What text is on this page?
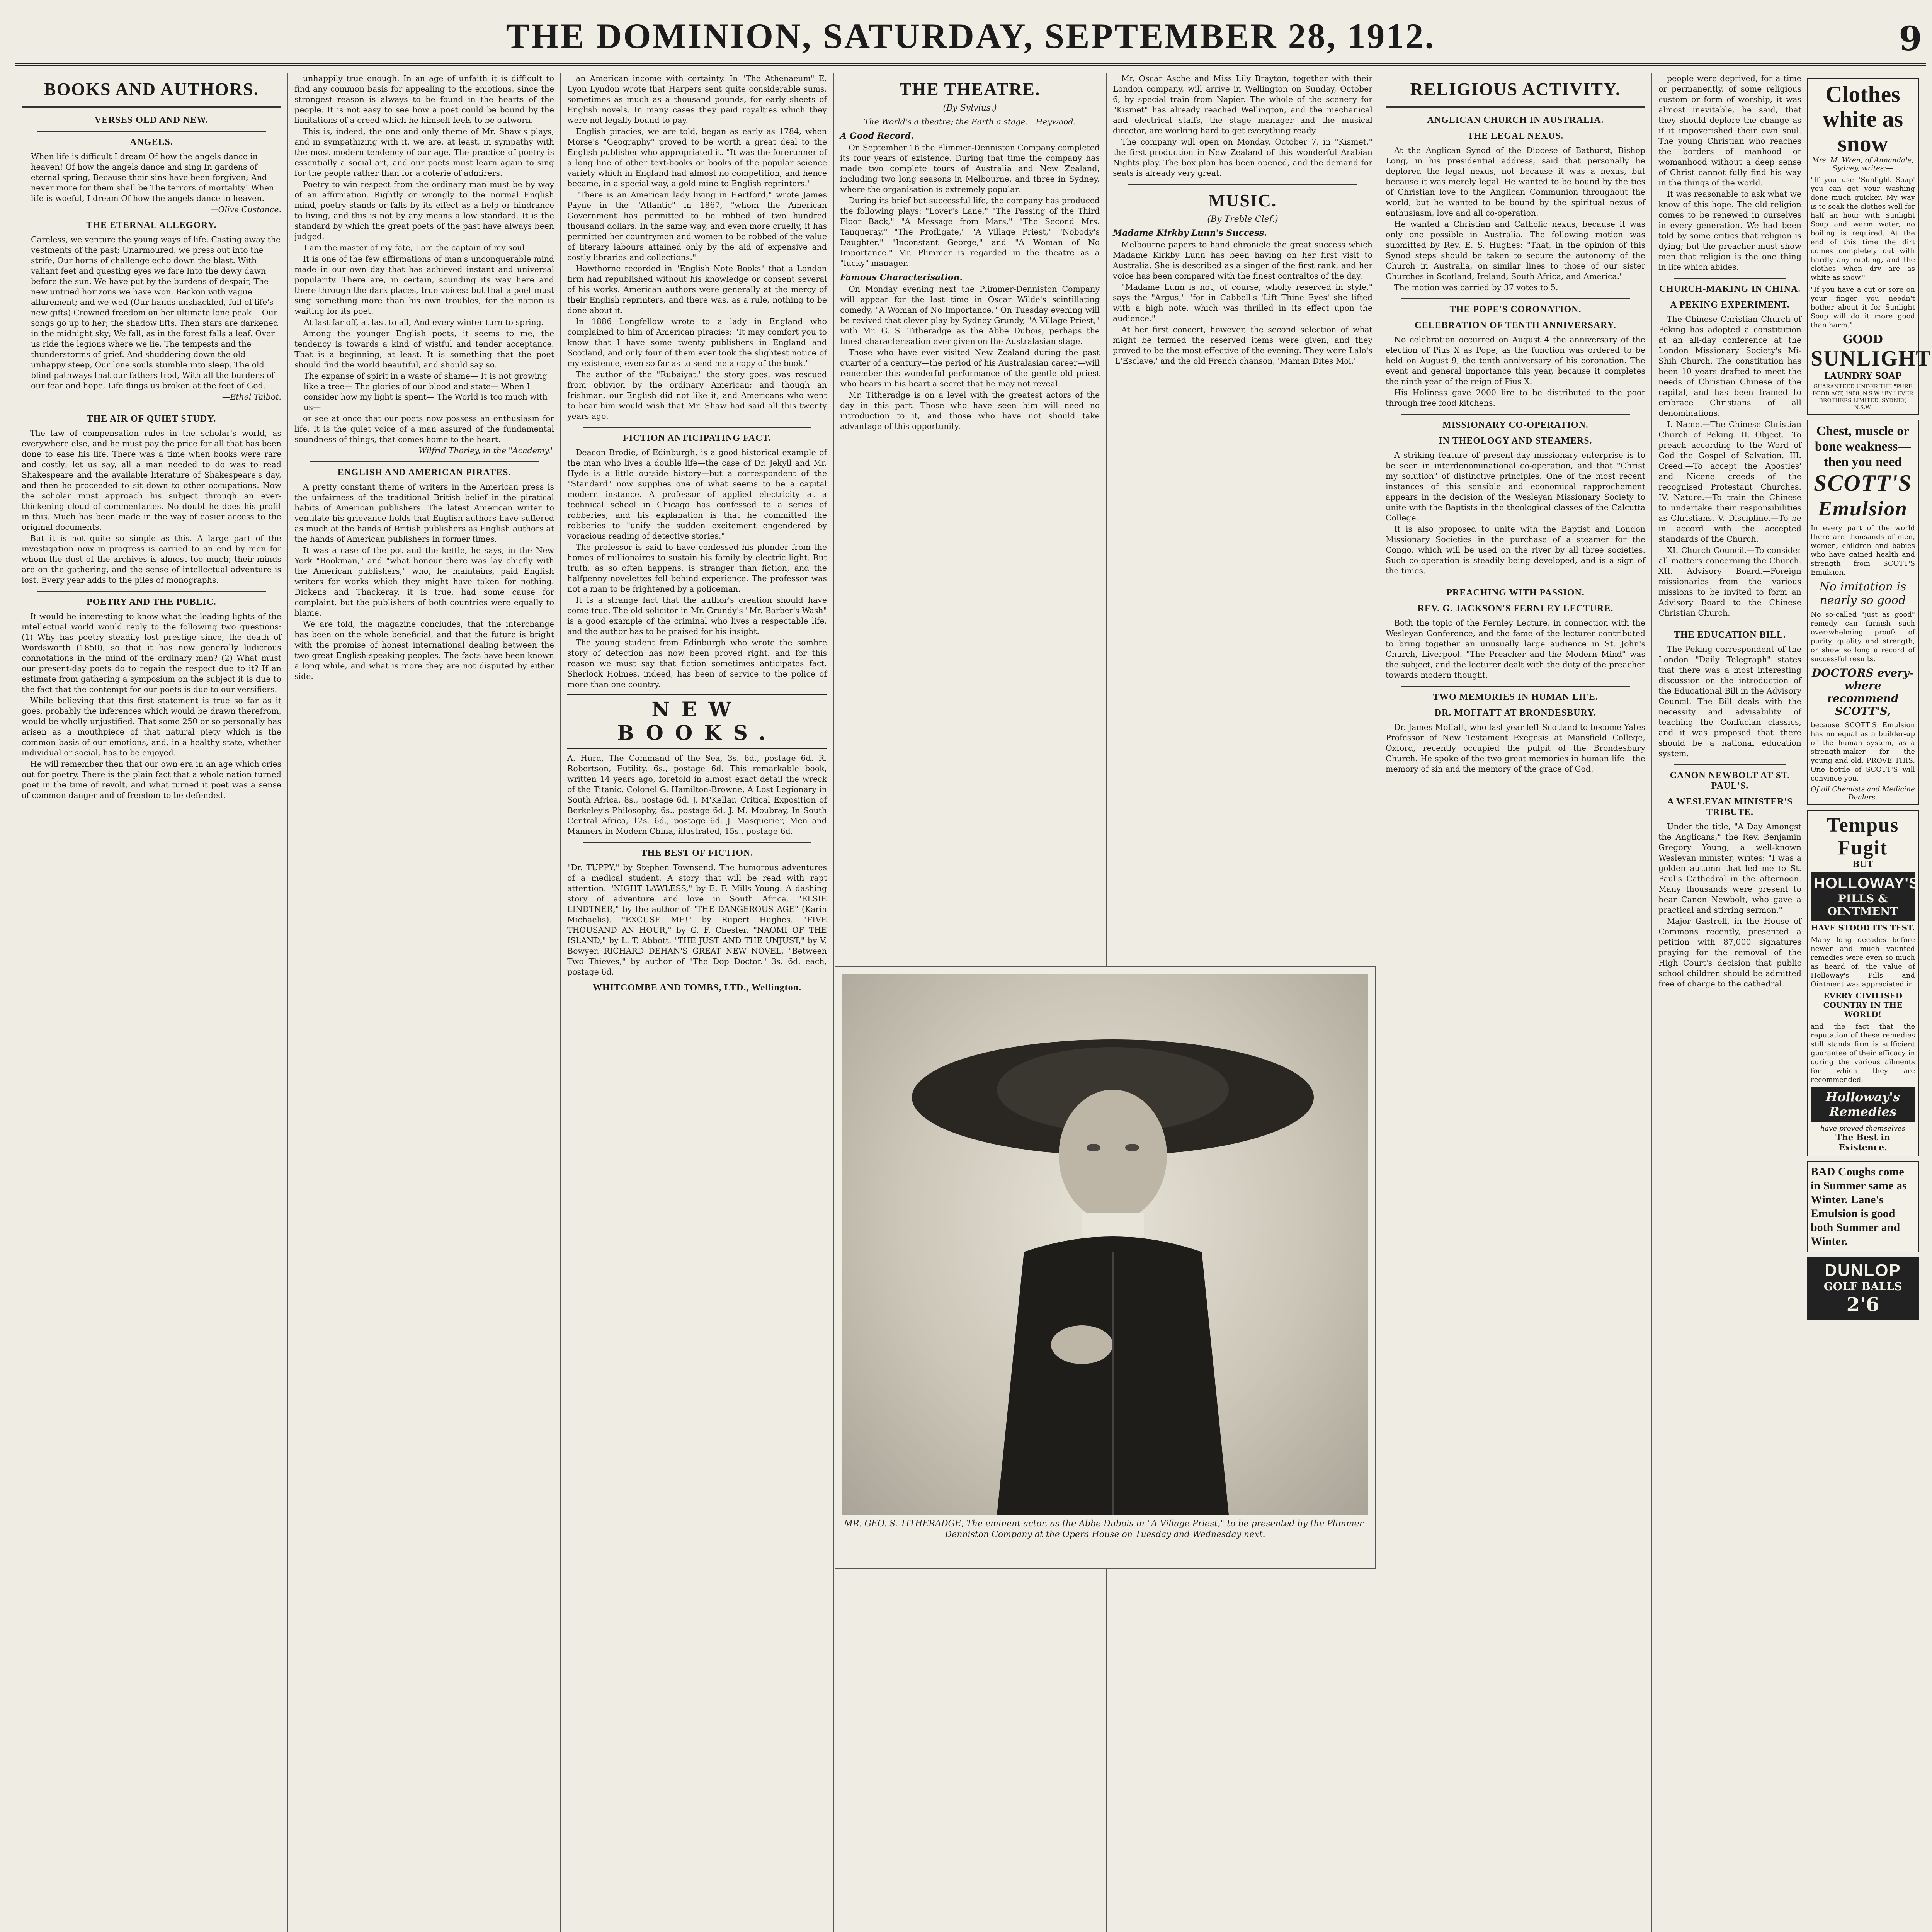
THE DOMINION, SATURDAY, SEPTEMBER 28, 1912.	9
BOOKS AND AUTHORS.
VERSES OLD AND NEW.
ANGELS.

When life is difficult I dream Of how the angels dance in heaven! Of how the angels dance and sing In gardens of eternal spring, Because their sins have been forgiven; And never more for them shall be The terrors of mortality! When life is woeful, I dream Of how the angels dance in heaven.

—Olive Custance.

THE ETERNAL ALLEGORY.

Careless, we venture the young ways of life, Casting away the vestments of the past; Unarmoured, we press out into the strife, Our horns of challenge echo down the blast. With valiant feet and questing eyes we fare Into the dewy dawn before the sun. We have put by the burdens of despair, The new untried horizons we have won. Beckon with vague allurement; and we wed (Our hands unshackled, full of life's new gifts) Crowned freedom on her ultimate lone peak— Our songs go up to her; the shadow lifts. Then stars are darkened in the midnight sky; We fall, as in the forest falls a leaf. Over us ride the legions where we lie, The tempests and the thunderstorms of grief. And shuddering down the old unhappy steep, Our lone souls stumble into sleep. The old blind pathways that our fathers trod, With all the burdens of our fear and hope, Life flings us broken at the feet of God.

—Ethel Talbot.

THE AIR OF QUIET STUDY.

The law of compensation rules in the scholar's world, as everywhere else, and he must pay the price for all that has been done to ease his life. There was a time when books were rare and costly; let us say, all a man needed to do was to read Shakespeare and the available literature of Shakespeare's day, and then he proceeded to sit down to other occupations. Now the scholar must approach his subject through an ever-thickening cloud of commentaries. No doubt he does his profit in this. Much has been made in the way of easier access to the original documents.

But it is not quite so simple as this. A large part of the investigation now in progress is carried to an end by men for whom the dust of the archives is almost too much; their minds are on the gathering, and the sense of intellectual adventure is lost. Every year adds to the piles of monographs.

POETRY AND THE PUBLIC.

It would be interesting to know what the leading lights of the intellectual world would reply to the following two questions: (1) Why has poetry steadily lost prestige since, the death of Wordsworth (1850), so that it has now generally ludicrous connotations in the mind of the ordinary man? (2) What must our present-day poets do to regain the respect due to it? If an estimate from gathering a symposium on the subject it is due to the fact that the contempt for our poets is due to our versifiers.

While believing that this first statement is true so far as it goes, probably the inferences which would be drawn therefrom, would be wholly unjustified. That some 250 or so personally has arisen as a mouthpiece of that natural piety which is the common basis of our emotions, and, in a healthy state, whether individual or social, has to be enjoyed.

He will remember then that our own era in an age which cries out for poetry. There is the plain fact that a whole nation turned poet in the time of revolt, and what turned it poet was a sense of common danger and of freedom to be defended.

unhappily true enough. In an age of unfaith it is difficult to find any common basis for appealing to the emotions, since the strongest reason is always to be found in the hearts of the people. It is not easy to see how a poet could be bound by the limitations of a creed which he himself feels to be outworn.

This is, indeed, the one and only theme of Mr. Shaw's plays, and in sympathizing with it, we are, at least, in sympathy with the most modern tendency of our age. The practice of poetry is essentially a social art, and our poets must learn again to sing for the people rather than for a coterie of admirers.

Poetry to win respect from the ordinary man must be by way of an affirmation. Rightly or wrongly to the normal English mind, poetry stands or falls by its effect as a help or hindrance to living, and this is not by any means a low standard. It is the standard by which the great poets of the past have always been judged.

I am the master of my fate, I am the captain of my soul.

It is one of the few affirmations of man's unconquerable mind made in our own day that has achieved instant and universal popularity. There are, in certain, sounding its way here and there through the dark places, true voices: but that a poet must sing something more than his own troubles, for the nation is waiting for its poet.

At last far off, at last to all, And every winter turn to spring.

Among the younger English poets, it seems to me, the tendency is towards a kind of wistful and tender acceptance. That is a beginning, at least. It is something that the poet should find the world beautiful, and should say so.

The expanse of spirit in a waste of shame— It is not growing like a tree— The glories of our blood and state— When I consider how my light is spent— The World is too much with us—

or see at once that our poets now possess an enthusiasm for life. It is the quiet voice of a man assured of the fundamental soundness of things, that comes home to the heart.

—Wilfrid Thorley, in the "Academy."

ENGLISH AND AMERICAN PIRATES.

A pretty constant theme of writers in the American press is the unfairness of the traditional British belief in the piratical habits of American publishers. The latest American writer to ventilate his grievance holds that English authors have suffered as much at the hands of British publishers as English authors at the hands of American publishers in former times.

It was a case of the pot and the kettle, he says, in the New York "Bookman," and "what honour there was lay chiefly with the American publishers," who, he maintains, paid English writers for works which they might have taken for nothing. Dickens and Thackeray, it is true, had some cause for complaint, but the publishers of both countries were equally to blame.

We are told, the magazine concludes, that the interchange has been on the whole beneficial, and that the future is bright with the promise of honest international dealing between the two great English-speaking peoples. The facts have been known a long while, and what is more they are not disputed by either side.

an American income with certainty. In "The Athenaeum" E. Lyon Lyndon wrote that Harpers sent quite considerable sums, sometimes as much as a thousand pounds, for early sheets of English novels. In many cases they paid royalties which they were not legally bound to pay.

English piracies, we are told, began as early as 1784, when Morse's "Geography" proved to be worth a great deal to the English publisher who appropriated it. "It was the forerunner of a long line of other text-books or books of the popular science variety which in England had almost no competition, and hence became, in a special way, a gold mine to English reprinters."

"There is an American lady living in Hertford," wrote James Payne in the "Atlantic" in 1867, "whom the American Government has permitted to be robbed of two hundred thousand dollars. In the same way, and even more cruelly, it has permitted her countrymen and women to be robbed of the value of literary labours attained only by the aid of expensive and costly libraries and collections."

Hawthorne recorded in "English Note Books" that a London firm had republished without his knowledge or consent several of his works. American authors were generally at the mercy of their English reprinters, and there was, as a rule, nothing to be done about it.

In 1886 Longfellow wrote to a lady in England who complained to him of American piracies: "It may comfort you to know that I have some twenty publishers in England and Scotland, and only four of them ever took the slightest notice of my existence, even so far as to send me a copy of the book."

The author of the "Rubaiyat," the story goes, was rescued from oblivion by the ordinary American; and though an Irishman, our English did not like it, and Americans who went to hear him would wish that Mr. Shaw had said all this twenty years ago.

FICTION ANTICIPATING FACT.

Deacon Brodie, of Edinburgh, is a good historical example of the man who lives a double life—the case of Dr. Jekyll and Mr. Hyde is a little outside history—but a correspondent of the "Standard" now supplies one of what seems to be a capital modern instance. A professor of applied electricity at a technical school in Chicago has confessed to a series of robberies, and his explanation is that he committed the robberies to "unify the sudden excitement engendered by voracious reading of detective stories."

The professor is said to have confessed his plunder from the homes of millionaires to sustain his family by electric light. But truth, as so often happens, is stranger than fiction, and the halfpenny novelettes fell behind experience. The professor was not a man to be frightened by a policeman.

It is a strange fact that the author's creation should have come true. The old solicitor in Mr. Grundy's "Mr. Barber's Wash" is a good example of the criminal who lives a respectable life, and the author has to be praised for his insight.

The young student from Edinburgh who wrote the sombre story of detection has now been proved right, and for this reason we must say that fiction sometimes anticipates fact. Sherlock Holmes, indeed, has been of service to the police of more than one country.

NEW BOOKS.

A. Hurd, The Command of the Sea, 3s. 6d., postage 6d. R. Robertson, Futility, 6s., postage 6d. This remarkable book, written 14 years ago, foretold in almost exact detail the wreck of the Titanic. Colonel G. Hamilton-Browne, A Lost Legionary in South Africa, 8s., postage 6d. J. M'Kellar, Critical Exposition of Berkeley's Philosophy, 6s., postage 6d. J. M. Moubray, In South Central Africa, 12s. 6d., postage 6d. J. Masquerier, Men and Manners in Modern China, illustrated, 15s., postage 6d.

THE BEST OF FICTION.

"Dr. TUPPY," by Stephen Townsend. The humorous adventures of a medical student. A story that will be read with rapt attention. "NIGHT LAWLESS," by E. F. Mills Young. A dashing story of adventure and love in South Africa. "ELSIE LINDTNER," by the author of "THE DANGEROUS AGE" (Karin Michaelis). "EXCUSE ME!" by Rupert Hughes. "FIVE THOUSAND AN HOUR," by G. F. Chester. "NAOMI OF THE ISLAND," by L. T. Abbott. "THE JUST AND THE UNJUST," by V. Bowyer. RICHARD DEHAN'S GREAT NEW NOVEL, "Between Two Thieves," by author of "The Dop Doctor." 3s. 6d. each, postage 6d.

WHITCOMBE AND TOMBS, LTD., Wellington.
THE THEATRE.
(By Sylvius.)

The World's a theatre; the Earth a stage.—Heywood.

A Good Record.

On September 16 the Plimmer-Denniston Company completed its four years of existence. During that time the company has made two complete tours of Australia and New Zealand, including two long seasons in Melbourne, and three in Sydney, where the organisation is extremely popular.

During its brief but successful life, the company has produced the following plays: "Lover's Lane," "The Passing of the Third Floor Back," "A Message from Mars," "The Second Mrs. Tanqueray," "The Profligate," "A Village Priest," "Nobody's Daughter," "Inconstant George," and "A Woman of No Importance." Mr. Plimmer is regarded in the theatre as a "lucky" manager.

Famous Characterisation.

On Monday evening next the Plimmer-Denniston Company will appear for the last time in Oscar Wilde's scintillating comedy, "A Woman of No Importance." On Tuesday evening will be revived that clever play by Sydney Grundy, "A Village Priest," with Mr. G. S. Titheradge as the Abbe Dubois, perhaps the finest characterisation ever given on the Australasian stage.

Those who have ever visited New Zealand during the past quarter of a century—the period of his Australasian career—will remember this wonderful performance of the gentle old priest who bears in his heart a secret that he may not reveal.

Mr. Titheradge is on a level with the greatest actors of the day in this part. Those who have seen him will need no introduction to it, and those who have not should take advantage of this opportunity.

Mr. Oscar Asche and Miss Lily Brayton, together with their London company, will arrive in Wellington on Sunday, October 6, by special train from Napier. The whole of the scenery for "Kismet" has already reached Wellington, and the mechanical and electrical staffs, the stage manager and the musical director, are working hard to get everything ready.

The company will open on Monday, October 7, in "Kismet," the first production in New Zealand of this wonderful Arabian Nights play. The box plan has been opened, and the demand for seats is already very great.

MUSIC.
(By Treble Clef.)
Madame Kirkby Lunn's Success.

Melbourne papers to hand chronicle the great success which Madame Kirkby Lunn has been having on her first visit to Australia. She is described as a singer of the first rank, and her voice has been compared with the finest contraltos of the day.

"Madame Lunn is not, of course, wholly reserved in style," says the "Argus," "for in Cabbell's 'Lift Thine Eyes' she lifted with a high note, which was thrilled in its effect upon the audience."

At her first concert, however, the second selection of what might be termed the reserved items were given, and they proved to be the most effective of the evening. They were Lalo's 'L'Esclave,' and the old French chanson, 'Maman Dites Moi.'

RELIGIOUS ACTIVITY.
ANGLICAN CHURCH IN AUSTRALIA.
THE LEGAL NEXUS.

At the Anglican Synod of the Diocese of Bathurst, Bishop Long, in his presidential address, said that personally he deplored the legal nexus, not because it was a nexus, but because it was merely legal. He wanted to be bound by the ties of Christian love to the Anglican Communion throughout the world, but he wanted to be bound by the spiritual nexus of enthusiasm, love and all co-operation.

He wanted a Christian and Catholic nexus, because it was only one possible in Australia. The following motion was submitted by Rev. E. S. Hughes: "That, in the opinion of this Synod steps should be taken to secure the autonomy of the Church in Australia, on similar lines to those of our sister Churches in Scotland, Ireland, South Africa, and America."

The motion was carried by 37 votes to 5.

THE POPE'S CORONATION.
CELEBRATION OF TENTH ANNIVERSARY.

No celebration occurred on August 4 the anniversary of the election of Pius X as Pope, as the function was ordered to be held on August 9, the tenth anniversary of his coronation. The event and general importance this year, because it completes the ninth year of the reign of Pius X.

His Holiness gave 2000 lire to be distributed to the poor through free food kitchens.

MISSIONARY CO-OPERATION.
IN THEOLOGY AND STEAMERS.

A striking feature of present-day missionary enterprise is to be seen in interdenominational co-operation, and that "Christ my solution" of distinctive principles. One of the most recent instances of this sensible and economical rapprochement appears in the decision of the Wesleyan Missionary Society to unite with the Baptists in the theological classes of the Calcutta College.

It is also proposed to unite with the Baptist and London Missionary Societies in the purchase of a steamer for the Congo, which will be used on the river by all three societies. Such co-operation is steadily being developed, and is a sign of the times.

PREACHING WITH PASSION.
REV. G. JACKSON'S FERNLEY LECTURE.

Both the topic of the Fernley Lecture, in connection with the Wesleyan Conference, and the fame of the lecturer contributed to bring together an unusually large audience in St. John's Church, Liverpool. "The Preacher and the Modern Mind" was the subject, and the lecturer dealt with the duty of the preacher towards modern thought.

TWO MEMORIES IN HUMAN LIFE.
DR. MOFFATT AT BRONDESBURY.

Dr. James Moffatt, who last year left Scotland to become Yates Professor of New Testament Exegesis at Mansfield College, Oxford, recently occupied the pulpit of the Brondesbury Church. He spoke of the two great memories in human life—the memory of sin and the memory of the grace of God.

people were deprived, for a time or permanently, of some religious custom or form of worship, it was almost inevitable, he said, that they should deplore the change as if it impoverished their own soul. The young Christian who reaches the borders of manhood or womanhood without a deep sense of Christ cannot fully find his way in the things of the world.

It was reasonable to ask what we know of this hope. The old religion comes to be renewed in ourselves in every generation. We had been told by some critics that religion is dying; but the preacher must show men that religion is the one thing in life which abides.

CHURCH-MAKING IN CHINA.
A PEKING EXPERIMENT.

The Chinese Christian Church of Peking has adopted a constitution at an all-day conference at the London Missionary Society's Mi-Shih Church. The constitution has been 10 years drafted to meet the needs of Christian Chinese of the capital, and has been framed to embrace Christians of all denominations.

I. Name.—The Chinese Christian Church of Peking. II. Object.—To preach according to the Word of God the Gospel of Salvation. III. Creed.—To accept the Apostles' and Nicene creeds of the recognised Protestant Churches. IV. Nature.—To train the Chinese to undertake their responsibilities as Christians. V. Discipline.—To be in accord with the accepted standards of the Church.

XI. Church Council.—To consider all matters concerning the Church. XII. Advisory Board.—Foreign missionaries from the various missions to be invited to form an Advisory Board to the Chinese Christian Church.

THE EDUCATION BILL.

The Peking correspondent of the London "Daily Telegraph" states that there was a most interesting discussion on the introduction of the Educational Bill in the Advisory Council. The Bill deals with the necessity and advisability of teaching the Confucian classics, and it was proposed that there should be a national education system.

CANON NEWBOLT AT ST. PAUL'S.
A WESLEYAN MINISTER'S TRIBUTE.

Under the title, "A Day Amongst the Anglicans," the Rev. Benjamin Gregory Young, a well-known Wesleyan minister, writes: "I was a golden autumn that led me to St. Paul's Cathedral in the afternoon. Many thousands were present to hear Canon Newbolt, who gave a practical and stirring sermon."

Major Gastrell, in the House of Commons recently, presented a petition with 87,000 signatures praying for the removal of the High Court's decision that public school children should be admitted free of charge to the cathedral.

Clothes white as snow
Mrs. M. Wren, of Annandale, Sydney, writes:—
"If you use 'Sunlight Soap' you can get your washing done much quicker. My way is to soak the clothes well for half an hour with Sunlight Soap and warm water, no boiling is required. At the end of this time the dirt comes completely out with hardly any rubbing, and the clothes when dry are as white as snow."
"If you have a cut or sore on your finger you needn't bother about it for Sunlight Soap will do it more good than harm."
GOOD
SUNLIGHT
LAUNDRY SOAP
GUARANTEED UNDER THE "PURE FOOD ACT, 1908, N.S.W." BY LEVER BROTHERS LIMITED, SYDNEY, N.S.W.
Chest, muscle or bone weakness—then you need
SCOTT'S
Emulsion
In every part of the world there are thousands of men, women, children and babies who have gained health and strength from SCOTT'S Emulsion.
No imitation is nearly so good
No so-called "just as good" remedy can furnish such over-whelming proofs of purity, quality and strength, or show so long a record of successful results.
DOCTORS every-where recommend SCOTT'S,
because SCOTT'S Emulsion has no equal as a builder-up of the human system, as a strength-maker for the young and old. PROVE THIS. One bottle of SCOTT'S will convince you.
Of all Chemists and Medicine Dealers.
Tempus Fugit
BUT
HOLLOWAY'S
PILLS & OINTMENT
HAVE STOOD ITS TEST.
Many long decades before newer and much vaunted remedies were even so much as heard of, the value of Holloway's Pills and Ointment was appreciated in
EVERY CIVILISED COUNTRY IN THE WORLD!
and the fact that the reputation of these remedies still stands firm is sufficient guarantee of their efficacy in curing the various ailments for which they are recommended.
Holloway's Remedies
have proved themselves
The Best in Existence.
BAD Coughs come in Summer same as Winter. Lane's Emulsion is good both Summer and Winter.
DUNLOP
GOLF BALLS
2'6
MR. GEO. S. TITHERADGE, The eminent actor, as the Abbe Dubois in "A Village Priest," to be presented by the Plimmer-Denniston Company at the Opera House on Tuesday and Wednesday next.
